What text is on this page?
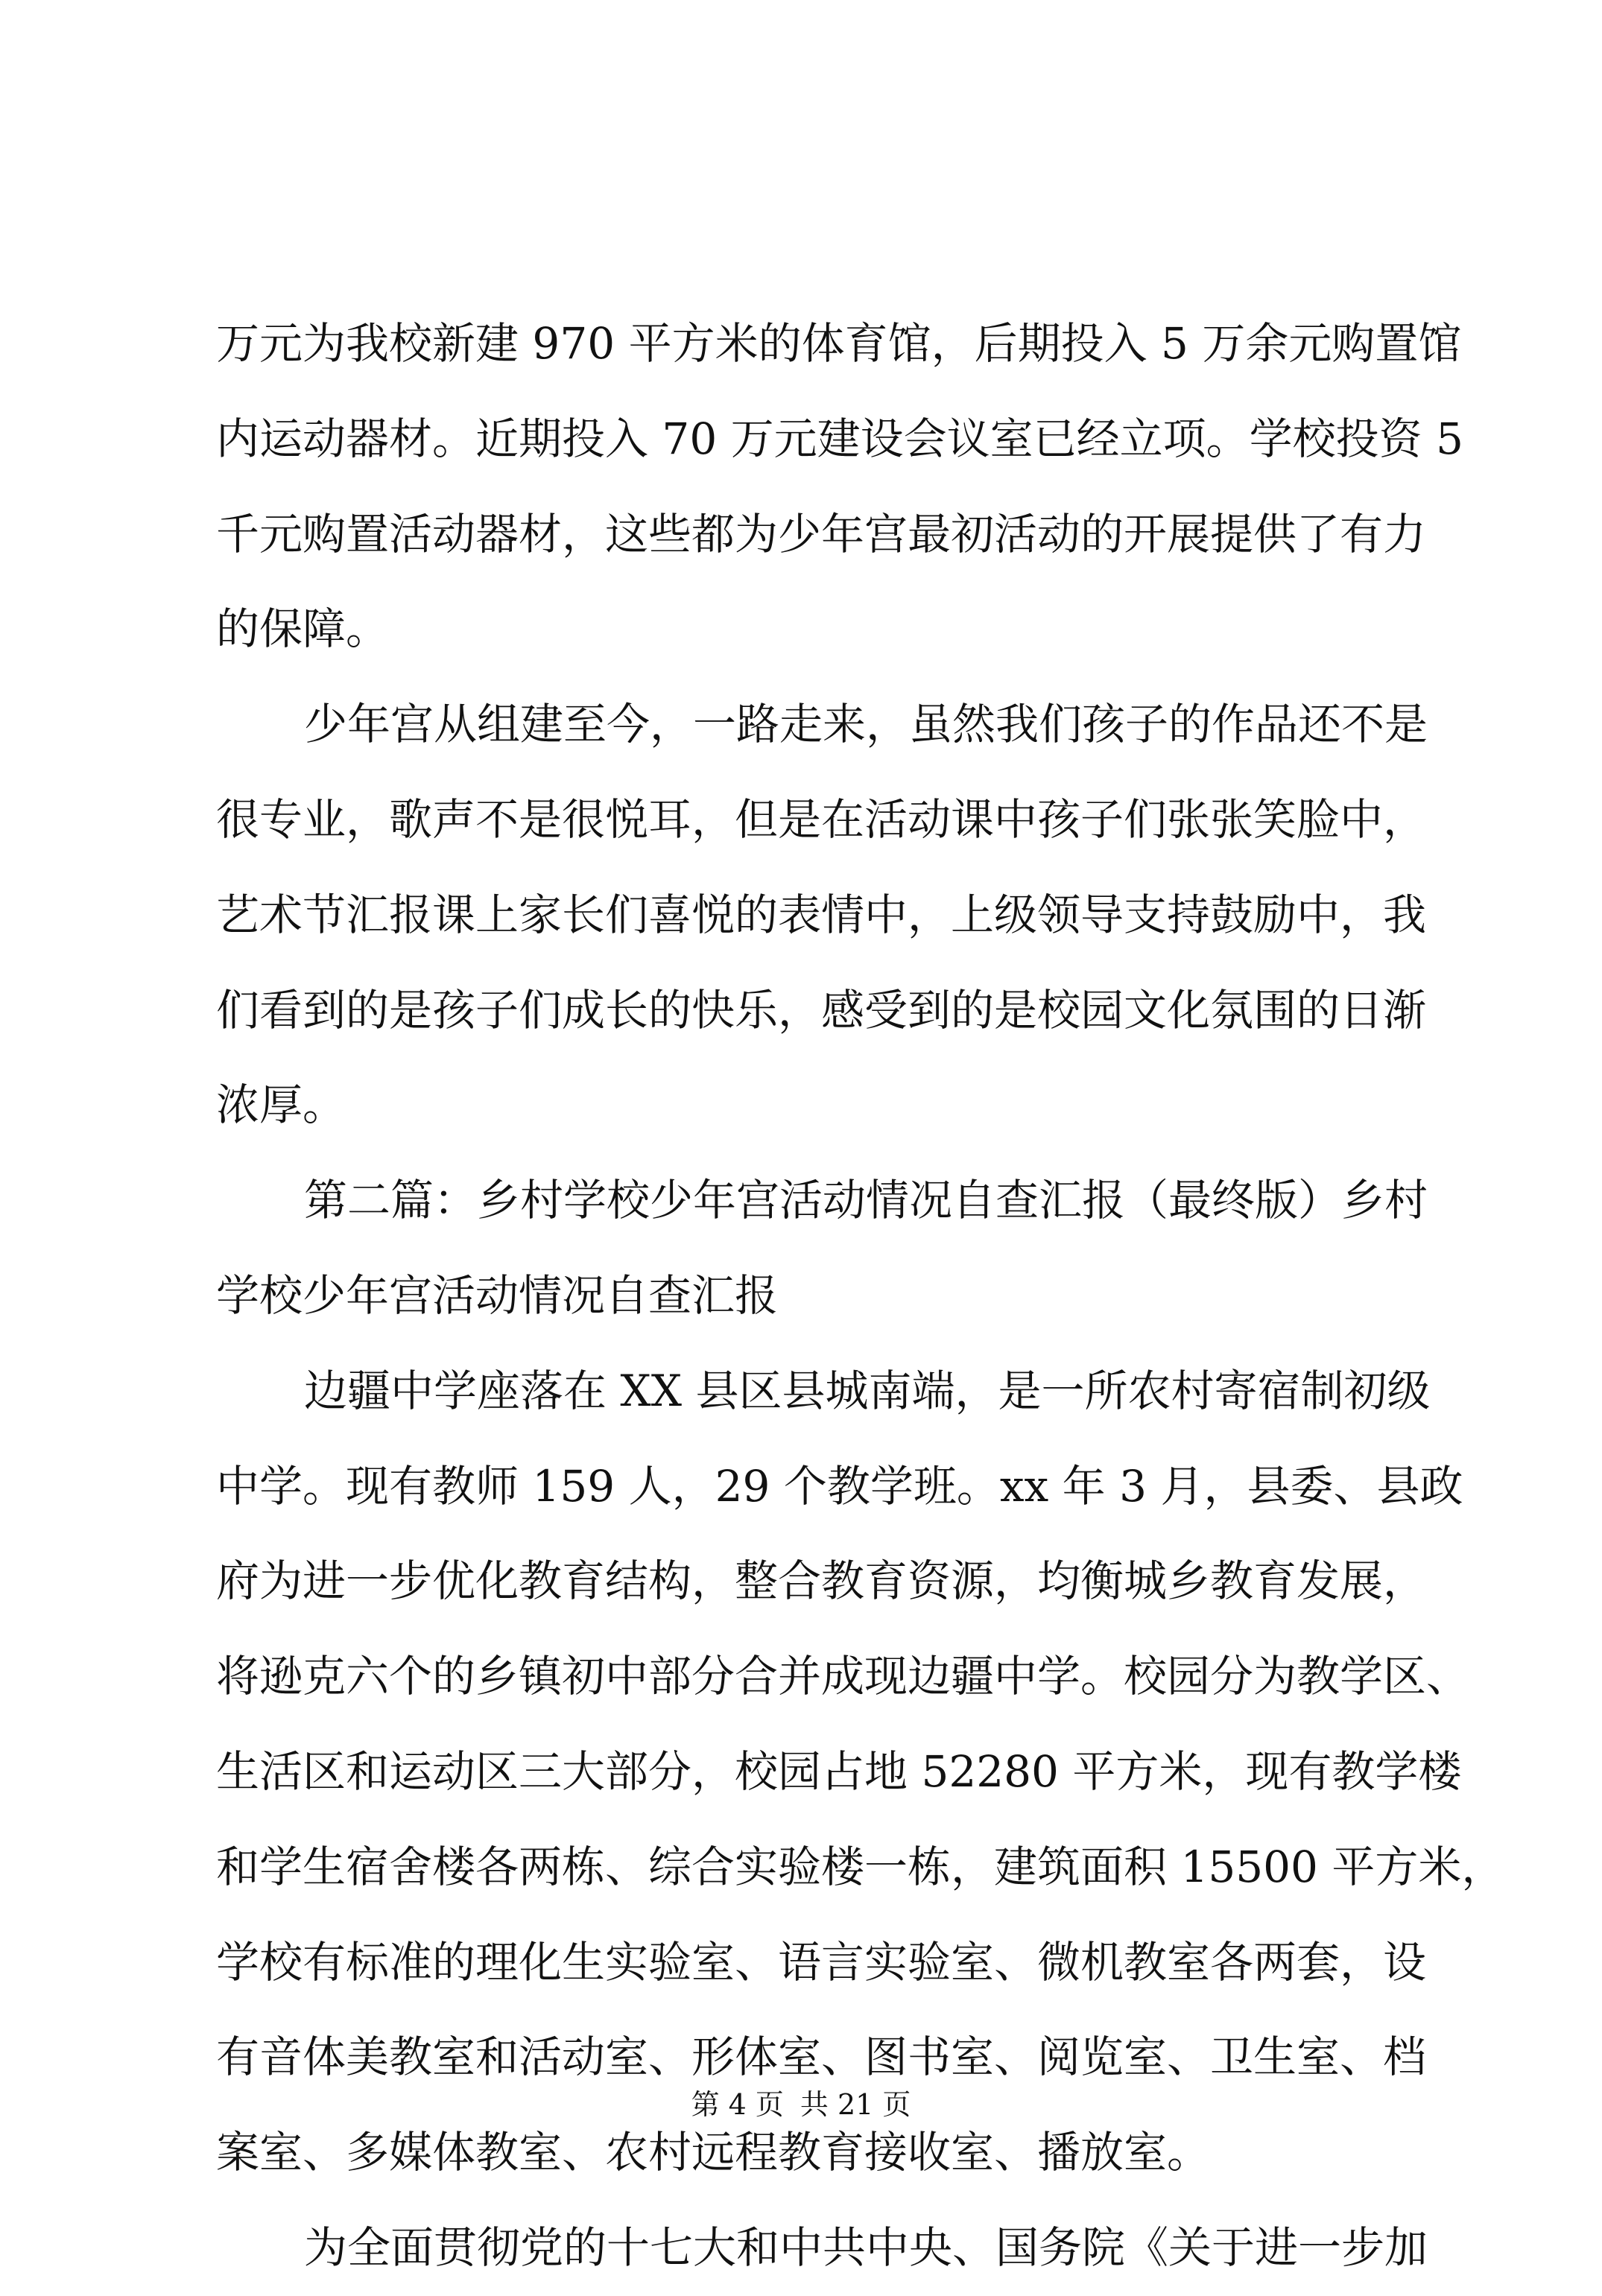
万元为我校新建 970 平方米的体育馆，后期投入 5 万余元购置馆
内运动器材。近期投入 70 万元建设会议室已经立项。学校投资 5
千元购置活动器材，这些都为少年宫最初活动的开展提供了有力
的保障。
少年宫从组建至今，一路走来，虽然我们孩子的作品还不是
很专业，歌声不是很悦耳，但是在活动课中孩子们张张笑脸中，
艺术节汇报课上家长们喜悦的表情中，上级领导支持鼓励中，我
们看到的是孩子们成长的快乐，感受到的是校园文化氛围的日渐
浓厚。
第二篇：乡村学校少年宫活动情况自查汇报（最终版）乡村
学校少年宫活动情况自查汇报
边疆中学座落在 XX 县区县城南端，是一所农村寄宿制初级
中学。现有教师 159 人，29 个教学班。xx 年 3 月，县委、县政
府为进一步优化教育结构，整合教育资源，均衡城乡教育发展，
将逊克六个的乡镇初中部分合并成现边疆中学。校园分为教学区、
生活区和运动区三大部分，校园占地 52280 平方米，现有教学楼
和学生宿舍楼各两栋、综合实验楼一栋，建筑面积 15500 平方米，
学校有标准的理化生实验室、语言实验室、微机教室各两套，设
有音体美教室和活动室、形体室、图书室、阅览室、卫生室、档
案室、多媒体教室、农村远程教育接收室、播放室。
为全面贯彻党的十七大和中共中央、国务院《关于进一步加
第 4 页 共 21 页
